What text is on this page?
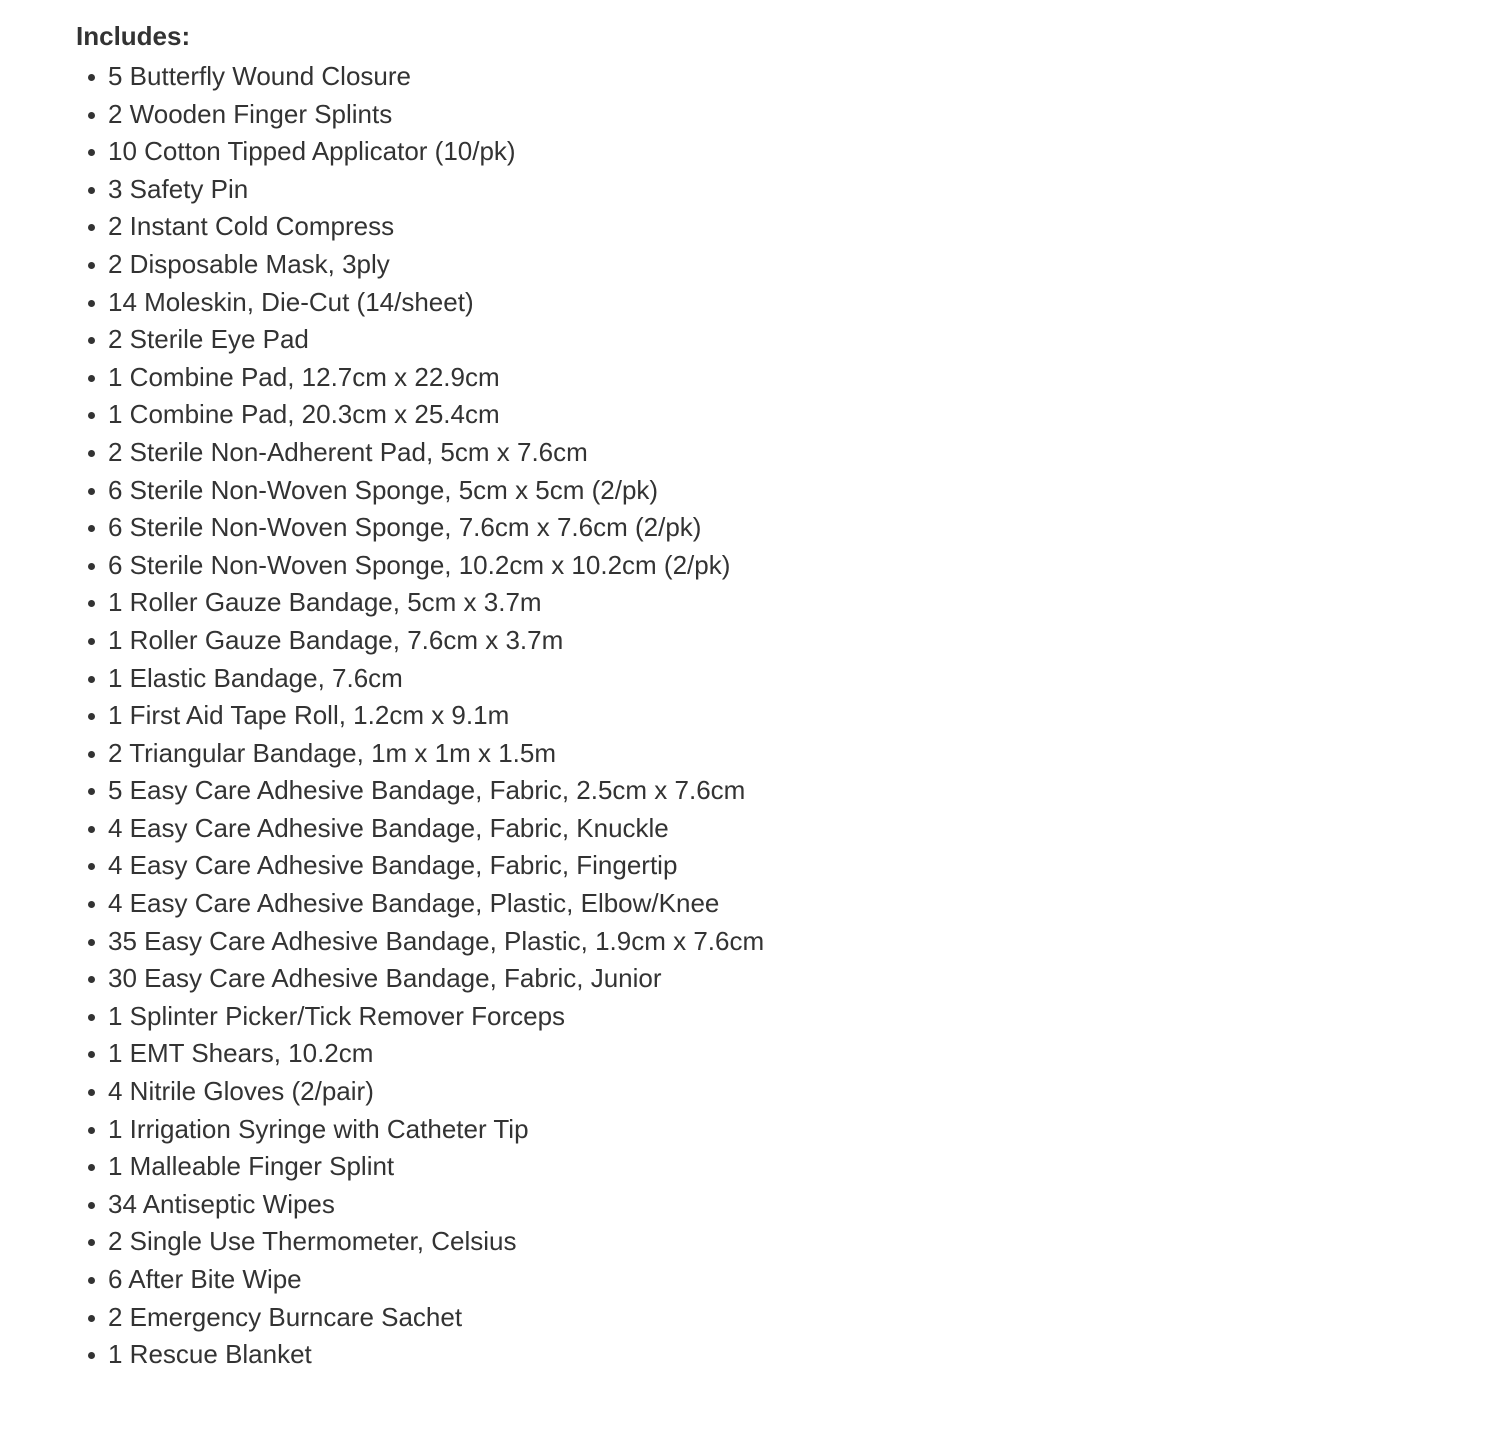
Includes:
5 Butterfly Wound Closure
2 Wooden Finger Splints
10 Cotton Tipped Applicator (10/pk)
3 Safety Pin
2 Instant Cold Compress
2 Disposable Mask, 3ply
14 Moleskin, Die-Cut (14/sheet)
2 Sterile Eye Pad
1 Combine Pad, 12.7cm x 22.9cm
1 Combine Pad, 20.3cm x 25.4cm
2 Sterile Non-Adherent Pad, 5cm x 7.6cm
6 Sterile Non-Woven Sponge, 5cm x 5cm (2/pk)
6 Sterile Non-Woven Sponge, 7.6cm x 7.6cm (2/pk)
6 Sterile Non-Woven Sponge, 10.2cm x 10.2cm (2/pk)
1 Roller Gauze Bandage, 5cm x 3.7m
1 Roller Gauze Bandage, 7.6cm x 3.7m
1 Elastic Bandage, 7.6cm
1 First Aid Tape Roll, 1.2cm x 9.1m
2 Triangular Bandage, 1m x 1m x 1.5m
5 Easy Care Adhesive Bandage, Fabric, 2.5cm x 7.6cm
4 Easy Care Adhesive Bandage, Fabric, Knuckle
4 Easy Care Adhesive Bandage, Fabric, Fingertip
4 Easy Care Adhesive Bandage, Plastic, Elbow/Knee
35 Easy Care Adhesive Bandage, Plastic, 1.9cm x 7.6cm
30 Easy Care Adhesive Bandage, Fabric, Junior
1 Splinter Picker/Tick Remover Forceps
1 EMT Shears, 10.2cm
4 Nitrile Gloves (2/pair)
1 Irrigation Syringe with Catheter Tip
1 Malleable Finger Splint
34 Antiseptic Wipes
2 Single Use Thermometer, Celsius
6 After Bite Wipe
2 Emergency Burncare Sachet
1 Rescue Blanket
